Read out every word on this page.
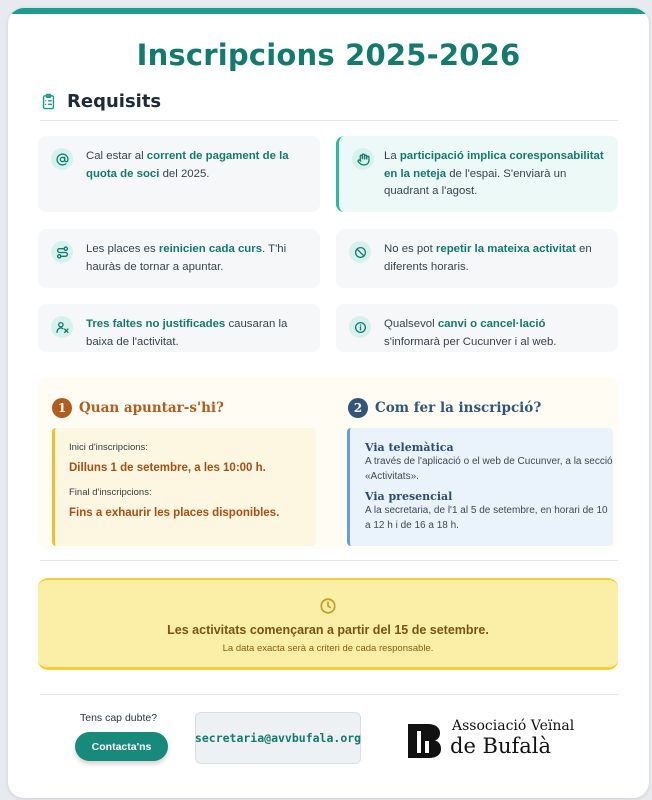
Inscripcions 2025-2026
Requisits
Cal estar al corrent de pagament de la quota de soci del 2025.
La participació implica coresponsabilitat en la neteja de l'espai. S'enviarà un quadrant a l'agost.
Les places es reinicien cada curs. T'hi hauràs de tornar a apuntar.
No es pot repetir la mateixa activitat en diferents horaris.
Tres faltes no justificades causaran la baixa de l'activitat.
Qualsevol canvi o cancel·lació s'informarà per Cucunver i al web.
1 Quan apuntar-s'hi?
Inici d'inscripcions:
Dilluns 1 de setembre, a les 10:00 h.
Final d'inscripcions:
Fins a exhaurir les places disponibles.
2 Com fer la inscripció?
Via telemàtica
A través de l'aplicació o el web de Cucunver, a la secció «Activitats».
Via presencial
A la secretaria, de l'1 al 5 de setembre, en horari de 10 a 12 h i de 16 a 18 h.
Les activitats començaran a partir del 15 de setembre.
La data exacta serà a criteri de cada responsable.
Tens cap dubte?
Contacta'ns
secretaria@avvbufala.org
Associació Veïnal
de Bufalà
